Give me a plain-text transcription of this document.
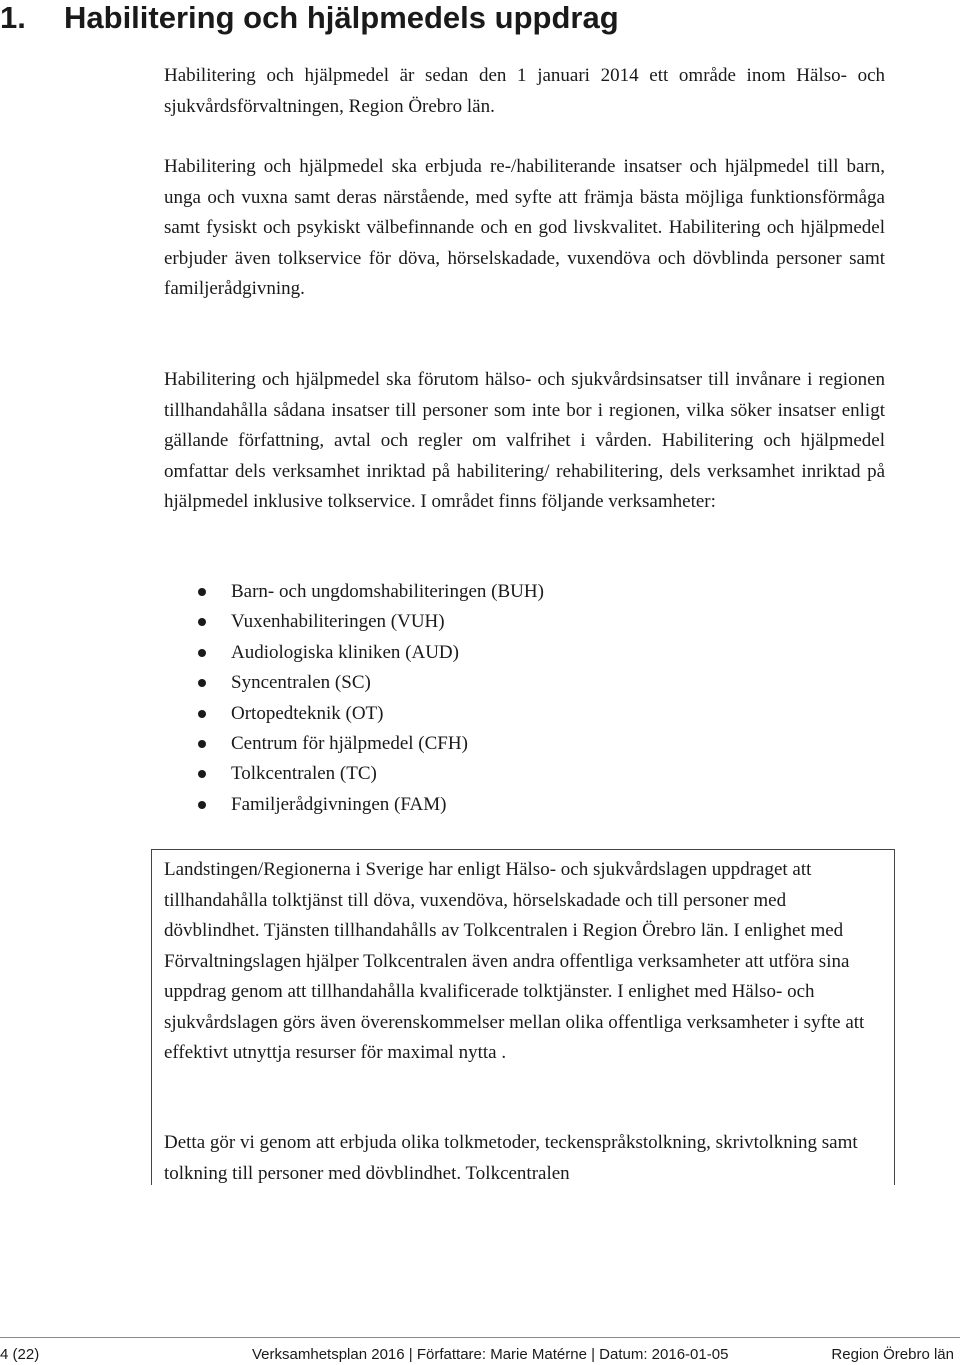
1. Habilitering och hjälpmedels uppdrag

Habilitering och hjälpmedel är sedan den 1 januari 2014 ett område inom Hälso- och sjukvårdsförvaltningen, Region Örebro län.

Habilitering och hjälpmedel ska erbjuda re-/habiliterande insatser och hjälpmedel till barn, unga och vuxna samt deras närstående, med syfte att främja bästa möjliga funktionsförmåga samt fysiskt och psykiskt välbefinnande och en god livskvalitet. Habilitering och hjälpmedel erbjuder även tolkservice för döva, hörselskadade, vuxendöva och dövblinda personer samt familjerådgivning.

Habilitering och hjälpmedel ska förutom hälso- och sjukvårdsinsatser till invånare i regionen tillhandahålla sådana insatser till personer som inte bor i regionen, vilka söker insatser enligt gällande författning, avtal och regler om valfrihet i vården. Habilitering och hjälpmedel omfattar dels verksamhet inriktad på habilitering/ rehabilitering, dels verksamhet inriktad på hjälpmedel inklusive tolkservice. I området finns följande verksamheter:

Barn- och ungdomshabiliteringen (BUH)
Vuxenhabiliteringen (VUH)
Audiologiska kliniken (AUD)
Syncentralen (SC)
Ortopedteknik (OT)
Centrum för hjälpmedel (CFH)
Tolkcentralen (TC)
Familjerådgivningen (FAM)

Landstingen/Regionerna i Sverige har enligt Hälso- och sjukvårdslagen uppdraget att tillhandahålla tolktjänst till döva, vuxendöva, hörselskadade och till personer med dövblindhet. Tjänsten tillhandahålls av Tolkcentralen i Region Örebro län. I enlighet med Förvaltningslagen hjälper Tolkcentralen även andra offentliga verksamheter att utföra sina uppdrag genom att tillhandahålla kvalificerade tolktjänster. I enlighet med Hälso- och sjukvårdslagen görs även överenskommelser mellan olika offentliga verksamheter i syfte att effektivt utnyttja resurser för maximal nytta .

Detta gör vi genom att erbjuda olika tolkmetoder, teckenspråkstolkning, skrivtolkning samt tolkning till personer med dövblindhet. Tolkcentralen

4 (22)	Verksamhetsplan 2016 | Författare: Marie Matérne | Datum: 2016-01-05	Region Örebro län
